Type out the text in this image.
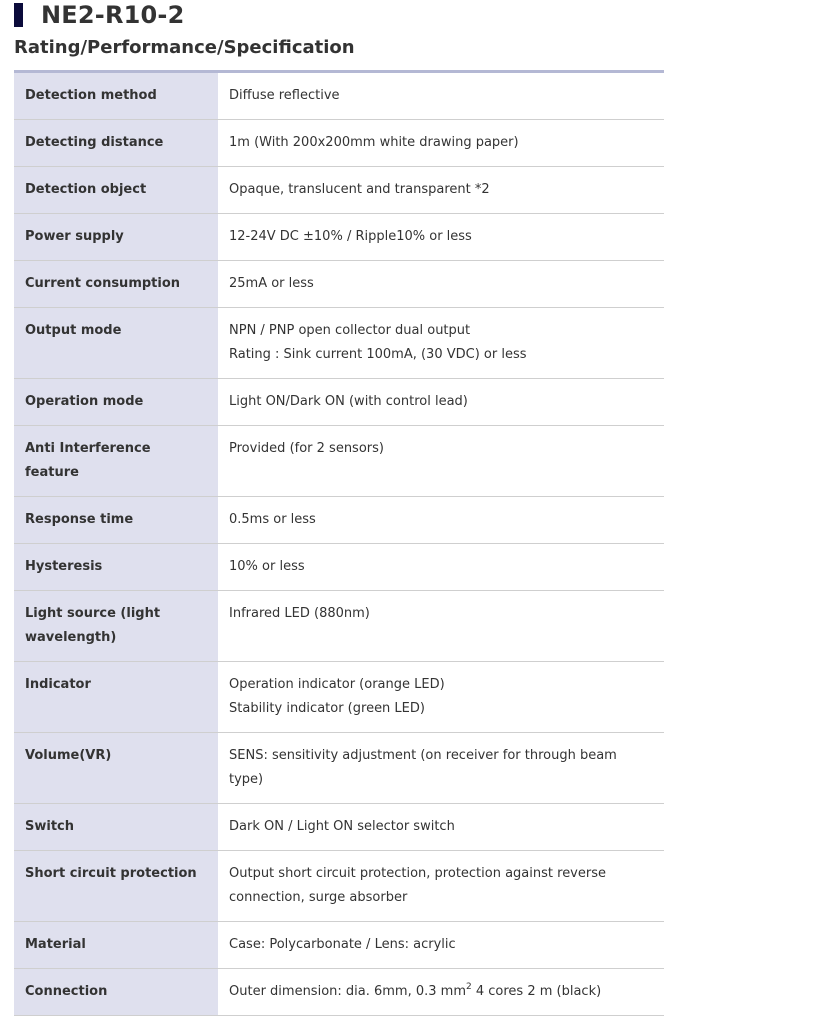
NE2-R10-2
Rating/Performance/Specification
Detection method	Diffuse reflective

Detecting distance	1m (With 200x200mm white drawing paper)

Detection object	Opaque, translucent and transparent *2

Power supply	12-24V DC ±10% / Ripple10% or less

Current consumption	25mA or less

Output mode	NPN / PNP open collector dual output
Rating : Sink current 100mA, (30 VDC) or less

Operation mode	Light ON/Dark ON (with control lead)

Anti Interference feature	Provided (for 2 sensors)

Response time	0.5ms or less

Hysteresis	10% or less

Light source (light wavelength)	Infrared LED (880nm)

Indicator	Operation indicator (orange LED)
Stability indicator (green LED)

Volume(VR)	SENS: sensitivity adjustment (on receiver for through beam type)

Switch	Dark ON / Light ON selector switch

Short circuit protection	Output short circuit protection, protection against reverse connection, surge absorber

Material	Case: Polycarbonate / Lens: acrylic

Connection	Outer dimension: dia. 6mm, 0.3 $mm^2$ 4 cores 2 m (black)
